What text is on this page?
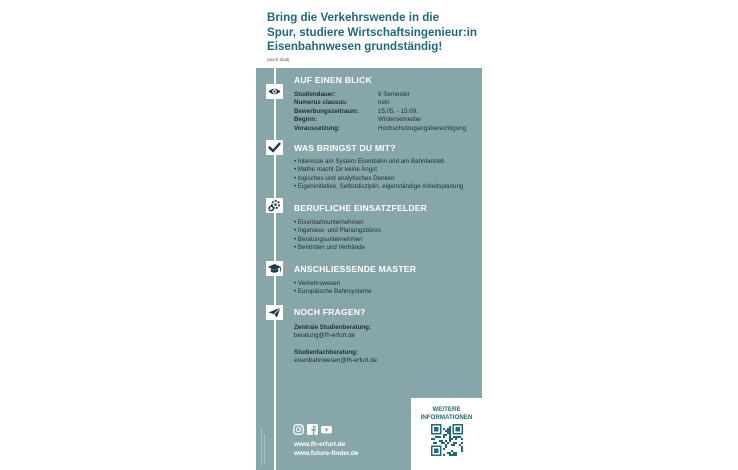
Bring die Verkehrswende in die
Spur, studiere Wirtschaftsingenieur:in
Eisenbahnwesen grundständig!
(auch dual)
AUF EINEN BLICK
Studiendauer:	6 Semester
Numerus clausus:	nein
Bewerbungszeitraum:	15.05. - 15.09.
Beginn:	Wintersemester
Voraussetzung:	Hochschulzugangsberechtigung
WAS BRINGST DU MIT?
• Interesse am System Eisenbahn und am Bahnbetrieb
• Mathe macht Dir keine Angst
• logisches und analytisches Denken
• Eigeninitiative, Selbstdisziplin, eigenständige Arbeitsplanung
BERUFLICHE EINSATZFELDER
• Eisenbahnunternehmen
• Ingenieur- und Planungsbüros
• Beratungsunternehmen
• Behörden und Verbände
ANSCHLIESSENDE MASTER
• Verkehrswesen
• Europäische Bahnsysteme
NOCH FRAGEN?
Zentrale Studienberatung:
beratung@fh-erfurt.de
Studienfachberatung:
eisenbahnwesen@fh-erfurt.de
www.fh-erfurt.de
www.future-finder.de
WEITERE
INFORMATIONEN
